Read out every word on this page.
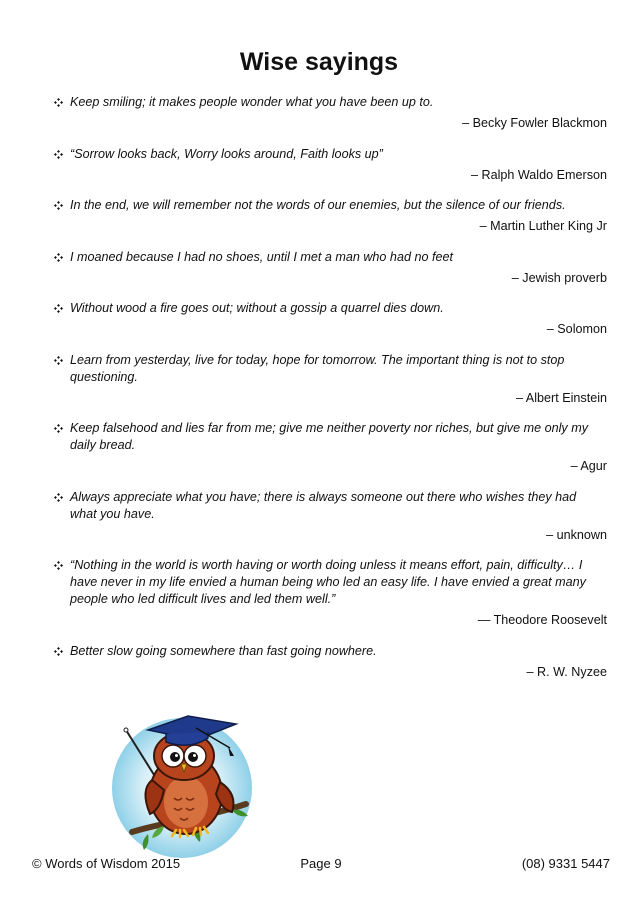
Wise sayings

Keep smiling; it makes people wonder what you have been up to.

– Becky Fowler Blackmon

“Sorrow looks back, Worry looks around, Faith looks up”

– Ralph Waldo Emerson

In the end, we will remember not the words of our enemies, but the silence of our friends.

– Martin Luther King Jr

I moaned because I had no shoes, until I met a man who had no feet

– Jewish proverb

Without wood a fire goes out; without a gossip a quarrel dies down.

– Solomon

Learn from yesterday, live for today, hope for tomorrow. The important thing is not to stop questioning.

– Albert Einstein

Keep falsehood and lies far from me; give me neither poverty nor riches, but give me only my daily bread.

– Agur

Always appreciate what you have; there is always someone out there who wishes they had what you have.

– unknown

“Nothing in the world is worth having or worth doing unless it means effort, pain, difficulty… I have never in my life envied a human being who led an easy life. I have envied a great many people who led difficult lives and led them well.”

— Theodore Roosevelt

Better slow going somewhere than fast going nowhere.

– R. W. Nyzee

Page 9
© Words of Wisdom 2015	(08) 9331 5447
